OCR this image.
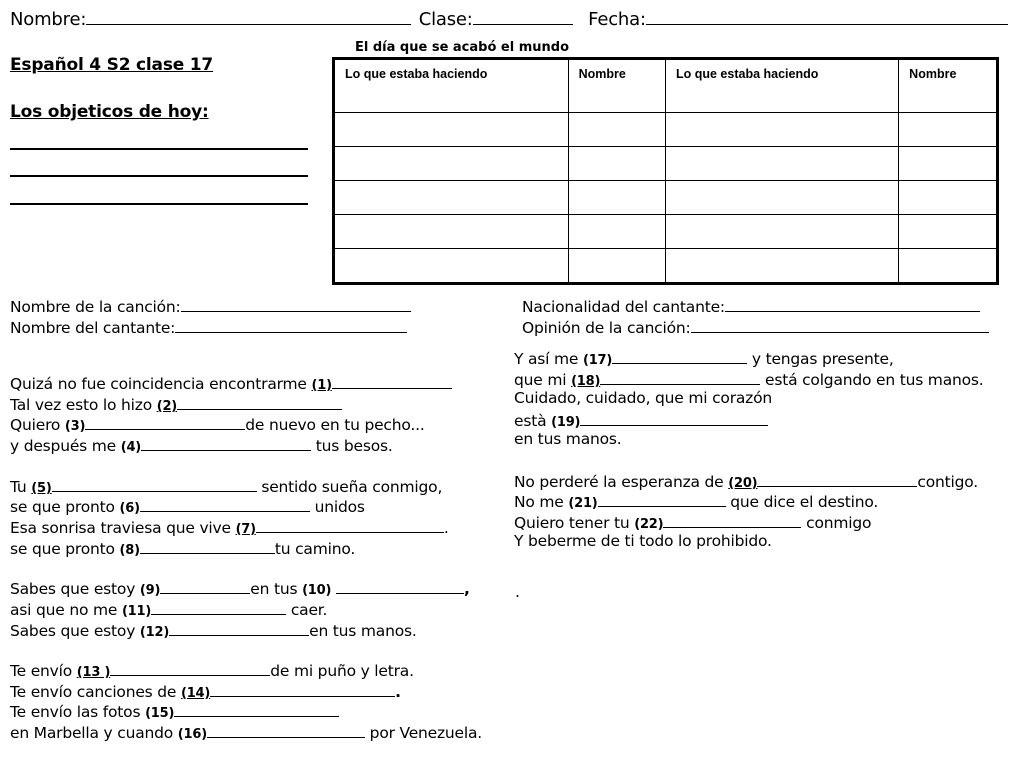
Nombre:	Clase:	Fecha:
Español 4 S2 clase 17
Los objeticos de hoy:
El día que se acabó el mundo
Lo que estaba haciendo	Nombre	Lo que estaba haciendo	Nombre

Nombre de la canción:
Nombre del cantante:
Nacionalidad del cantante:
Opinión de la canción:
Quizá no fue coincidencia encontrarme (1)
Tal vez esto lo hizo (2)
Quiero (3)	de nuevo en tu pecho...
y después me (4)	tus besos.
Tu (5)	sentido sueña conmigo,
se que pronto (6)	unidos
Esa sonrisa traviesa que vive (7)	.
se que pronto (8)	tu camino.
Sabes que estoy (9)	en tus (10)	,
asi que no me (11)	caer.
Sabes que estoy (12)	en tus manos.
Te envío (13 )	de mi puño y letra.
Te envío canciones de (14)	.
Te envío las fotos (15)
en Marbella y cuando (16)	por Venezuela.
Y así me (17)	y tengas presente,
que mi (18)	está colgando en tus manos.
Cuidado, cuidado, que mi corazón
està (19)
en tus manos.
No perderé la esperanza de (20)	contigo.
No me (21)	que dice el destino.
Quiero tener tu (22)	conmigo
Y beberme de ti todo lo prohibido.
.
